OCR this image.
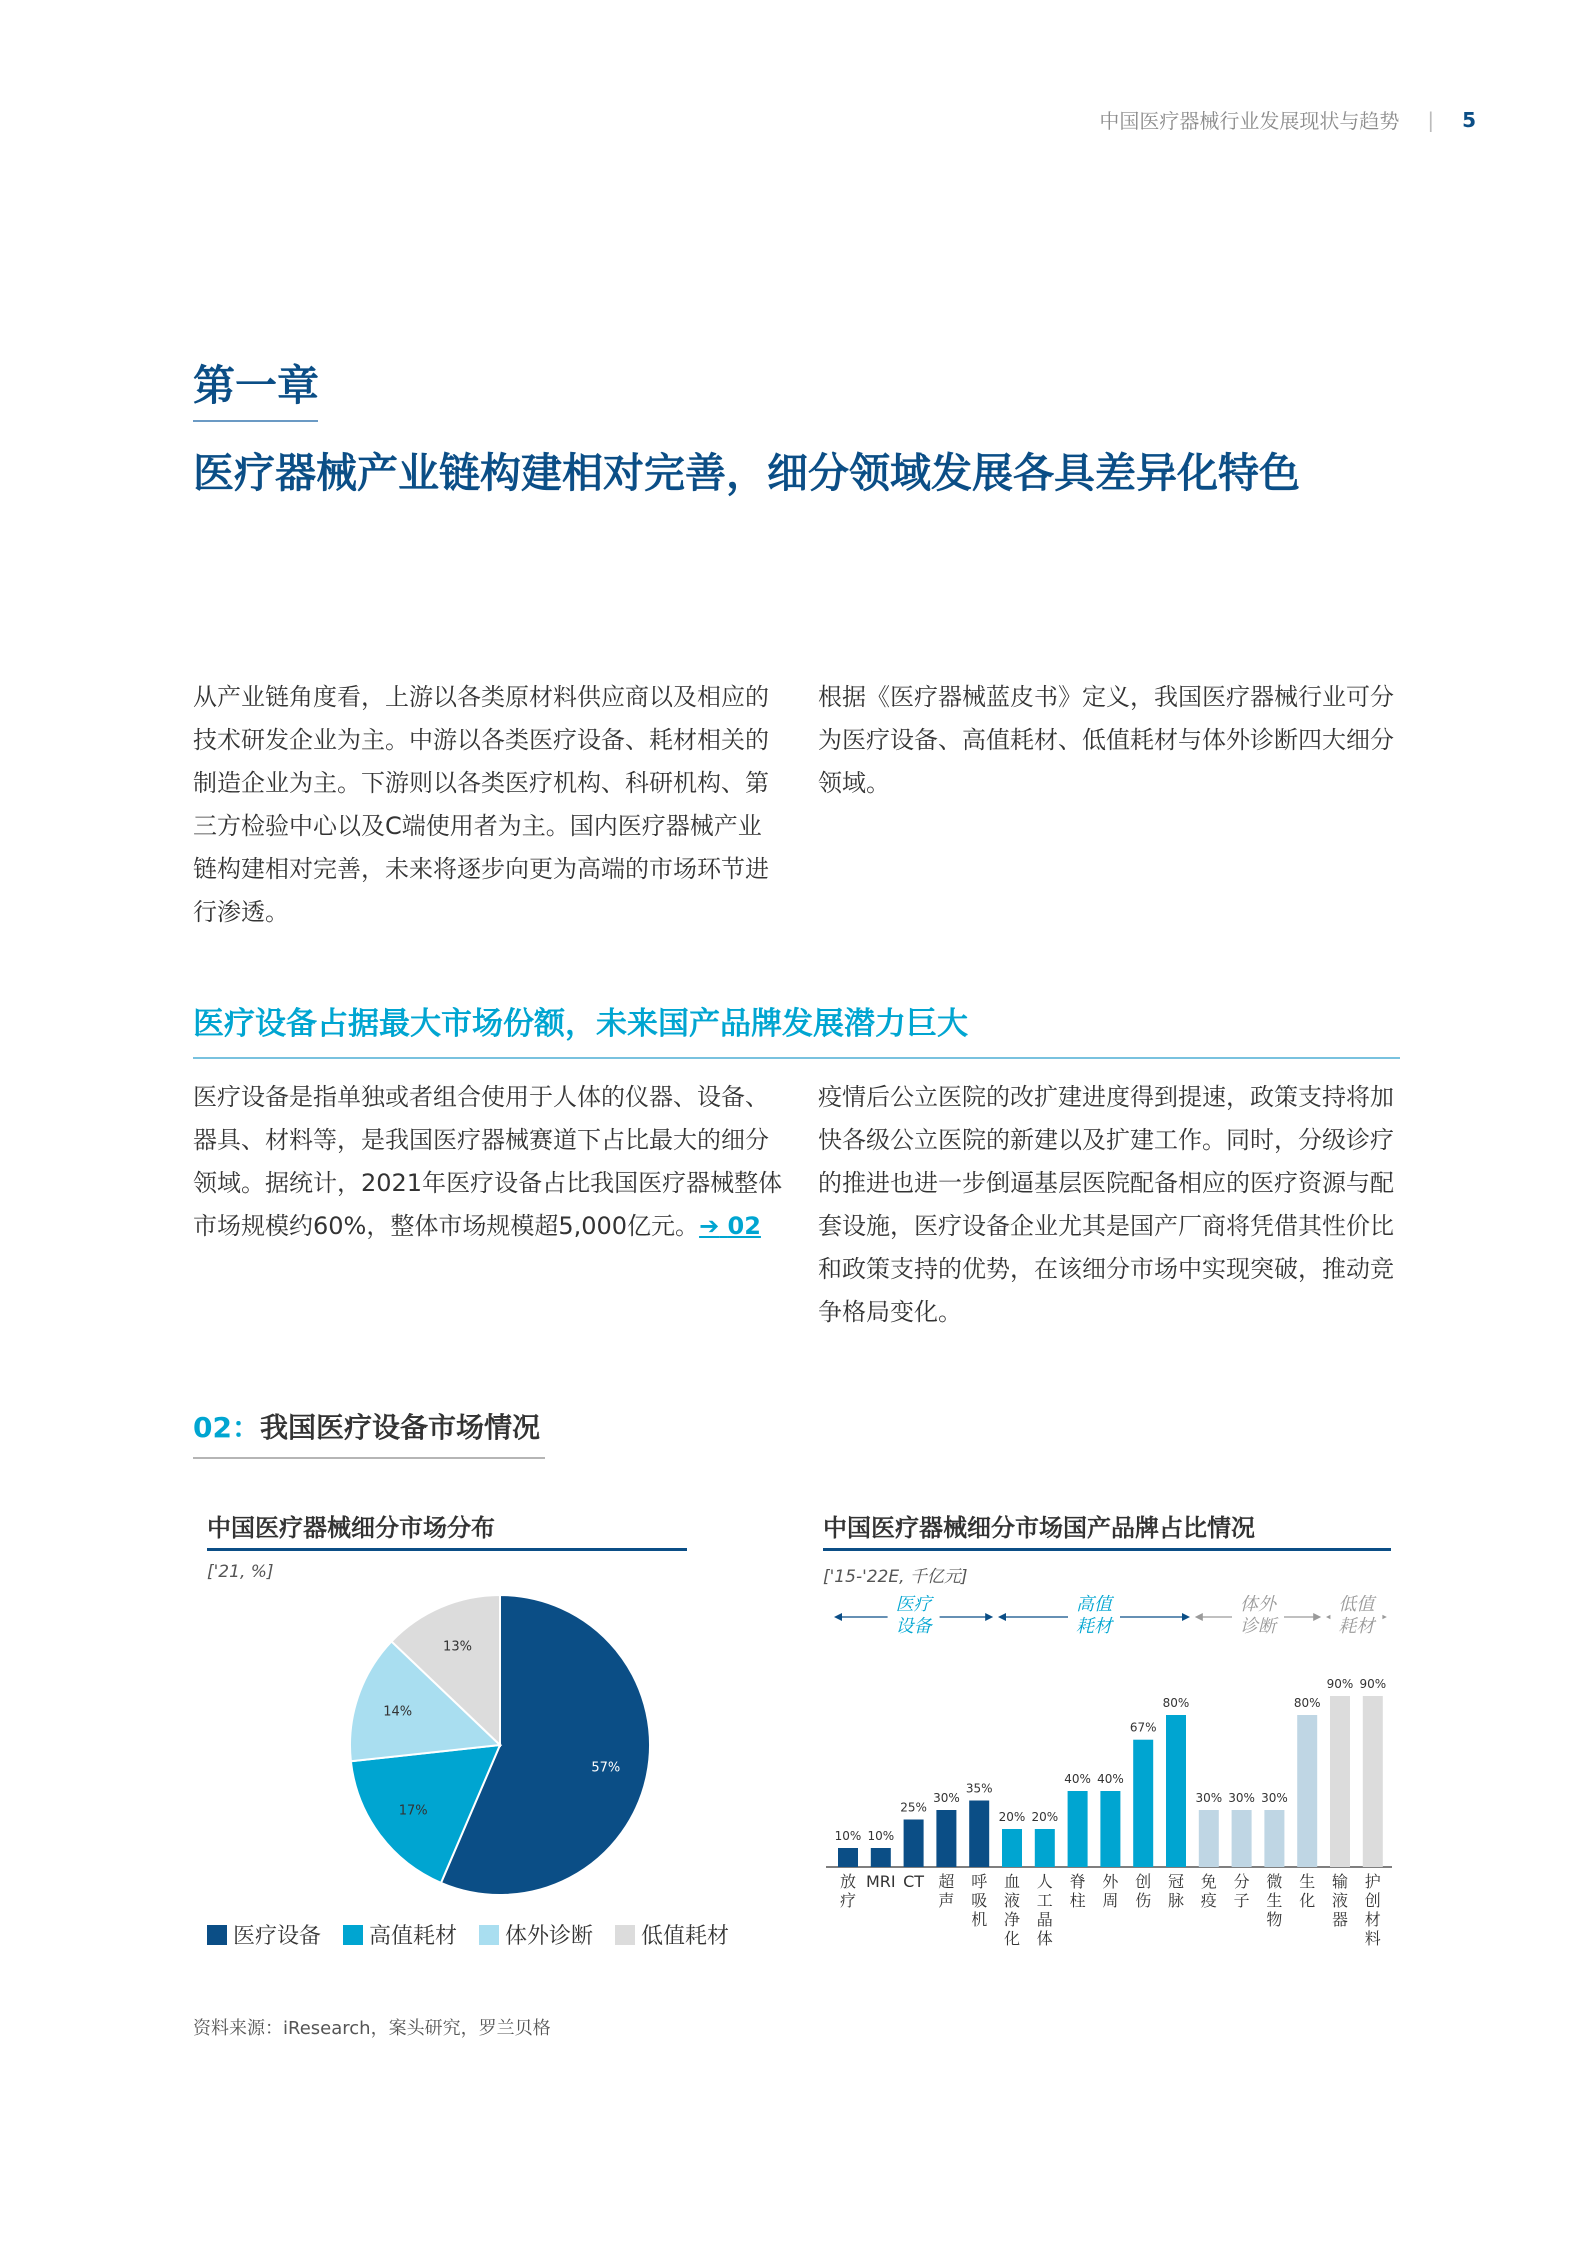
中国医疗器械行业发展现状与趋势 | 5
第一章
医疗器械产业链构建相对完善，细分领域发展各具差异化特色
从产业链角度看，上游以各类原材料供应商以及相应的技术研发企业为主。中游以各类医疗设备、耗材相关的制造企业为主。下游则以各类医疗机构、科研机构、第三方检验中心以及C端使用者为主。国内医疗器械产业链构建相对完善，未来将逐步向更为高端的市场环节进行渗透。
根据《医疗器械蓝皮书》定义，我国医疗器械行业可分为医疗设备、高值耗材、低值耗材与体外诊断四大细分领域。
医疗设备占据最大市场份额，未来国产品牌发展潜力巨大
医疗设备是指单独或者组合使用于人体的仪器、设备、器具、材料等，是我国医疗器械赛道下占比最大的细分领域。据统计，2021年医疗设备占比我国医疗器械整体市场规模约60%，整体市场规模超5,000亿元。➔ 02
疫情后公立医院的改扩建进度得到提速，政策支持将加快各级公立医院的新建以及扩建工作。同时，分级诊疗的推进也进一步倒逼基层医院配备相应的医疗资源与配套设施，医疗设备企业尤其是国产厂商将凭借其性价比和政策支持的优势，在该细分市场中实现突破，推动竞争格局变化。
02：我国医疗设备市场情况
中国医疗器械细分市场分布
['21, %]
57%
17%
14%
13%
医疗设备 高值耗材 体外诊断 低值耗材
中国医疗器械细分市场国产品牌占比情况
['15-'22E, 千亿元]
医疗设备
高值耗材
体外诊断
低值耗材
10%
放疗
10%
MRI
25%
CT
30%
超声
35%
呼吸机
20%
血液净化
20%
人工晶体
40%
脊柱
40%
外周
67%
创伤
80%
冠脉
30%
免疫
30%
分子
30%
微生物
80%
生化
90%
输液器
90%
护创材料
资料来源：iResearch，案头研究，罗兰贝格
